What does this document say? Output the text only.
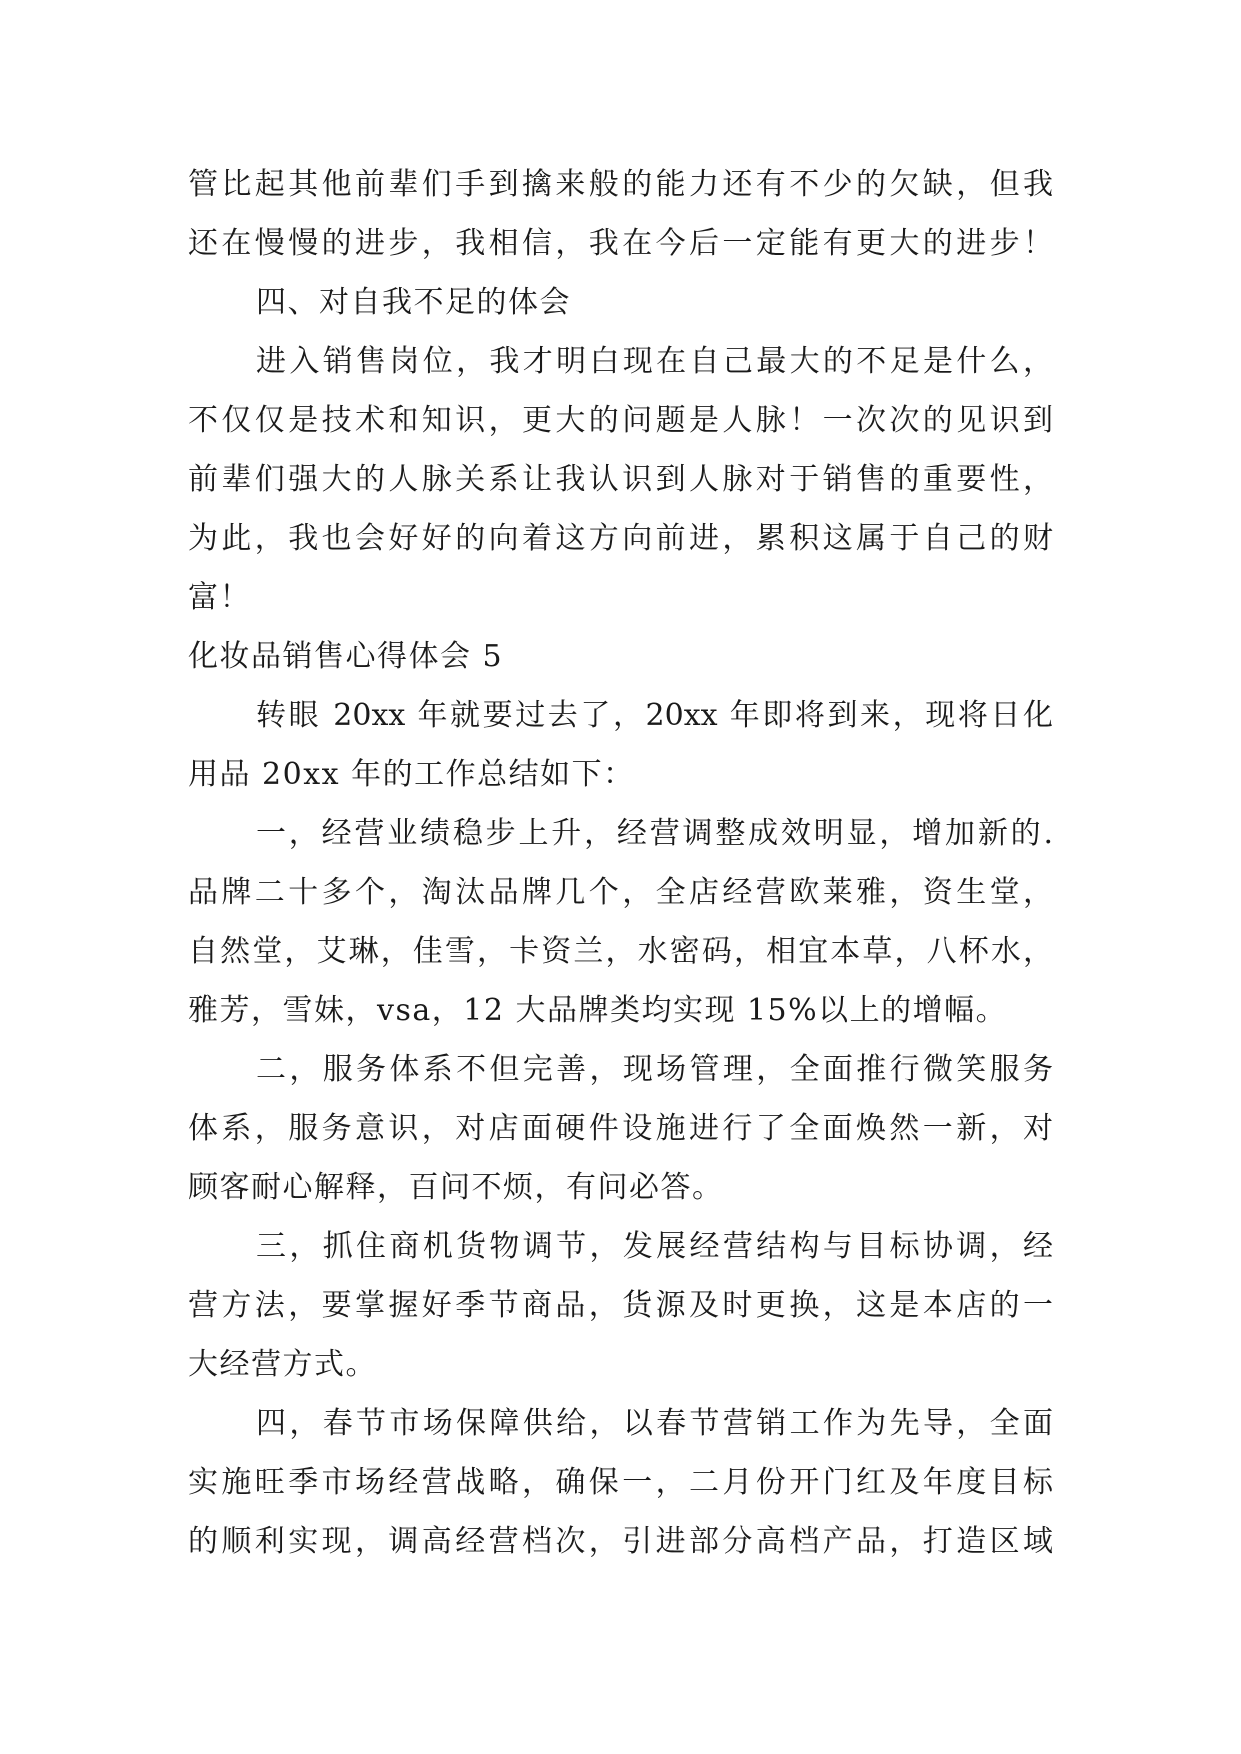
管比起其他前辈们手到擒来般的能力还有不少的欠缺，但我
还在慢慢的进步，我相信，我在今后一定能有更大的进步！
四、对自我不足的体会
进入销售岗位，我才明白现在自己最大的不足是什么，
不仅仅是技术和知识，更大的问题是人脉！一次次的见识到
前辈们强大的人脉关系让我认识到人脉对于销售的重要性，
为此，我也会好好的向着这方向前进，累积这属于自己的财
富！
化妆品销售心得体会 5
转眼 20xx 年就要过去了，20xx 年即将到来，现将日化
用品 20xx 年的工作总结如下：
一，经营业绩稳步上升，经营调整成效明显，增加新的.
品牌二十多个，淘汰品牌几个，全店经营欧莱雅，资生堂，
自然堂，艾琳，佳雪，卡资兰，水密码，相宜本草，八杯水，
雅芳，雪妹，vsa，12 大品牌类均实现 15%以上的增幅。
二，服务体系不但完善，现场管理，全面推行微笑服务
体系，服务意识，对店面硬件设施进行了全面焕然一新，对
顾客耐心解释，百问不烦，有问必答。
三，抓住商机货物调节，发展经营结构与目标协调，经
营方法，要掌握好季节商品，货源及时更换，这是本店的一
大经营方式。
四，春节市场保障供给，以春节营销工作为先导，全面
实施旺季市场经营战略，确保一，二月份开门红及年度目标
的顺利实现，调高经营档次，引进部分高档产品，打造区域
